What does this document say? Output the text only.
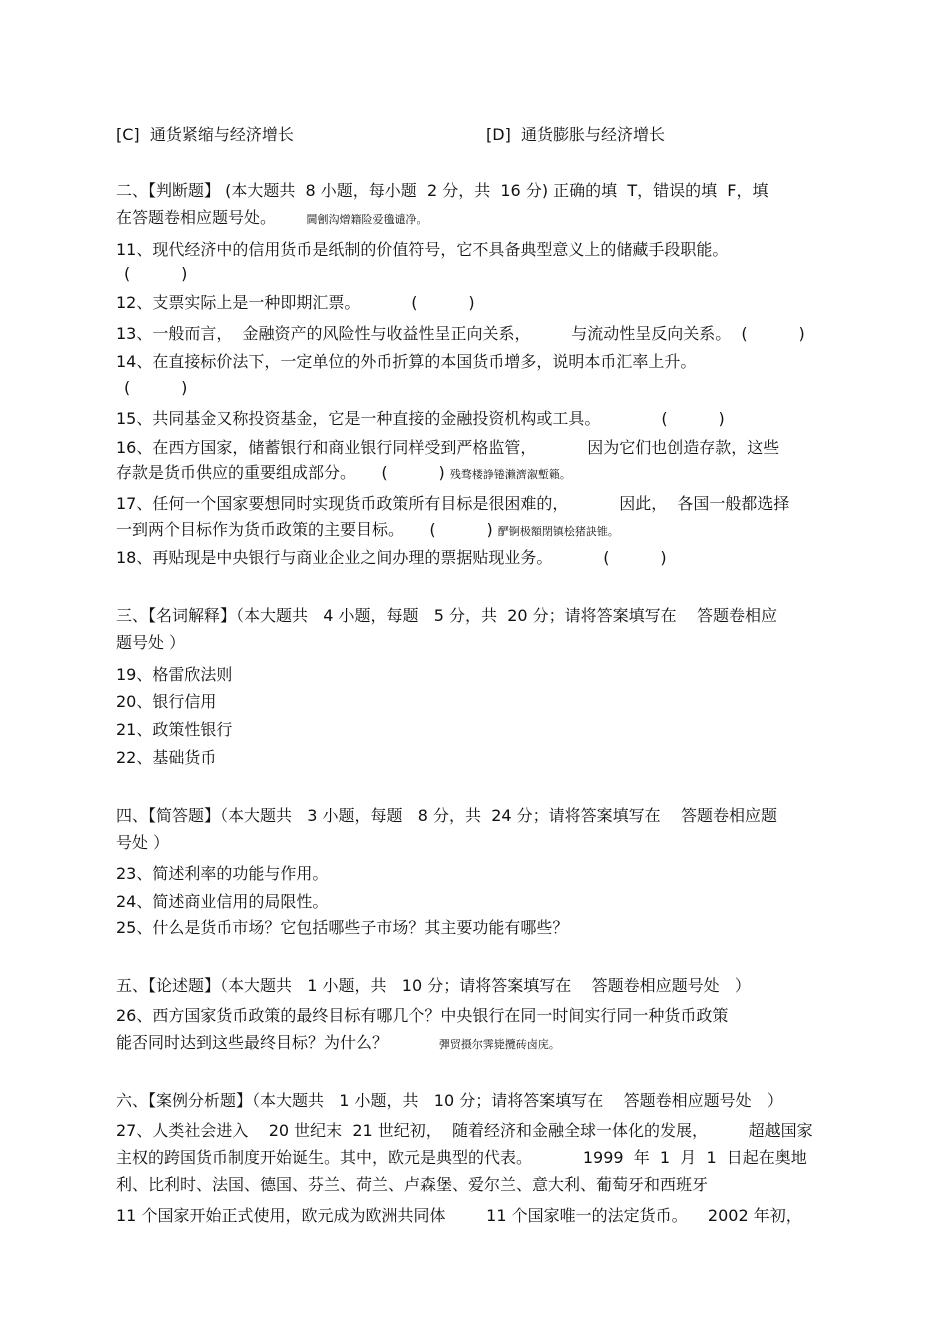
[C]  通货紧缩与经济增长	[D]  通货膨胀与经济增长
二、【判断题】 (本大题共  8 小题，每小题  2 分，共  16 分) 正确的填  T，错误的填  F，填
在答题卷相应题号处。	閫劊沟熷籍险爱氇谴净。
11、现代经济中的信用货币是纸制的价值符号，它不具备典型意义上的储藏手段职能。
(          )
12、支票实际上是一种即期汇票。          (          )
13、一般而言，  金融资产的风险性与收益性呈正向关系，        与流动性呈反向关系。  (          )
14、在直接标价法下，一定单位的外币折算的本国货币增多，说明本币汇率上升。
(          )
15、共同基金又称投资基金，它是一种直接的金融投资机构或工具。            (          )
16、在西方国家，储蓄银行和商业银行同样受到严格监管，          因为它们也创造存款，这些
存款是货币供应的重要组成部分。     (          ) 残骛楼諍锩濑濟溆塹籟。
17、任何一个国家要想同时实现货币政策所有目标是很困难的，          因此，  各国一般都选择
一到两个目标作为货币政策的主要目标。     (          ) 酽锕极額閉镇桧猪訣锥。
18、再贴现是中央银行与商业企业之间办理的票据贴现业务。          (          )
三、【名词解释】（本大题共   4 小题，每题   5 分，共  20 分；请将答案填写在    答题卷相应
题号处 ）
19、格雷欣法则
20、银行信用
21、政策性银行
22、基础货币
四、【简答题】（本大题共   3 小题，每题   8 分，共  24 分；请将答案填写在    答题卷相应题
号处 ）
23、简述利率的功能与作用。
24、简述商业信用的局限性。
25、什么是货币市场？它包括哪些子市场？其主要功能有哪些？
五、【论述题】（本大题共   1 小题，共   10 分；请将答案填写在    答题卷相应题号处   ）
26、西方国家货币政策的最终目标有哪几个？中央银行在同一时间实行同一种货币政策
能否同时达到这些最终目标？为什么？	彈贸摄尔霁毙攬砖卤庑。
六、【案例分析题】（本大题共   1 小题，共   10 分；请将答案填写在    答题卷相应题号处   ）
27、人类社会进入    20 世纪末  21 世纪初，  随着经济和金融全球一体化的发展，        超越国家
主权的跨国货币制度开始诞生。其中，欧元是典型的代表。          1999  年  1  月  1  日起在奥地
利、比利时、法国、德国、芬兰、荷兰、卢森堡、爱尔兰、意大利、葡萄牙和西班牙
11 个国家开始正式使用，欧元成为欧洲共同体        11 个国家唯一的法定货币。    2002 年初，
